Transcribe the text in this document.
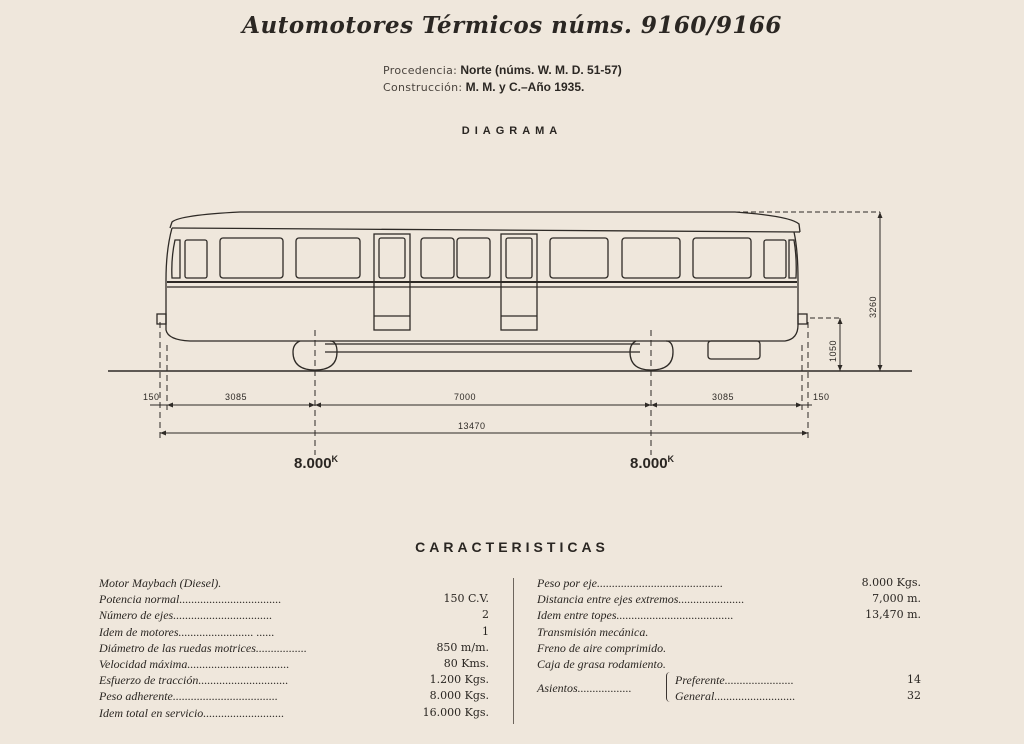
Automotores Térmicos núms. 9160/9166
Procedencia: Norte (núms. W. M. D. 51-57)
Construcción: M. M. y C.–Año 1935.
DIAGRAMA
150	3085	7000	3085	150
13470
3260
1050
$8.000^K$	$8.000^K$
CARACTERISTICAS
Motor Maybach (Diesel).
Potencia normal..................................	150 C.V.
Número de ejes.................................	2
Idem de motores......................... ......	1
Diámetro de las ruedas motrices.................	850 m/m.
Velocidad máxima..................................	80 Kms.
Esfuerzo de tracción..............................	1.200 Kgs.
Peso adherente...................................	8.000 Kgs.
Idem total en servicio...........................	16.000 Kgs.
Peso por eje..........................................	8.000 Kgs.
Distancia entre ejes extremos......................	7,000 m.
Idem entre topes.......................................	13,470 m.
Transmisión mecánica.
Freno de aire comprimido.
Caja de grasa rodamiento.
Asientos..................
Preferente.......................	14
General...........................	32
